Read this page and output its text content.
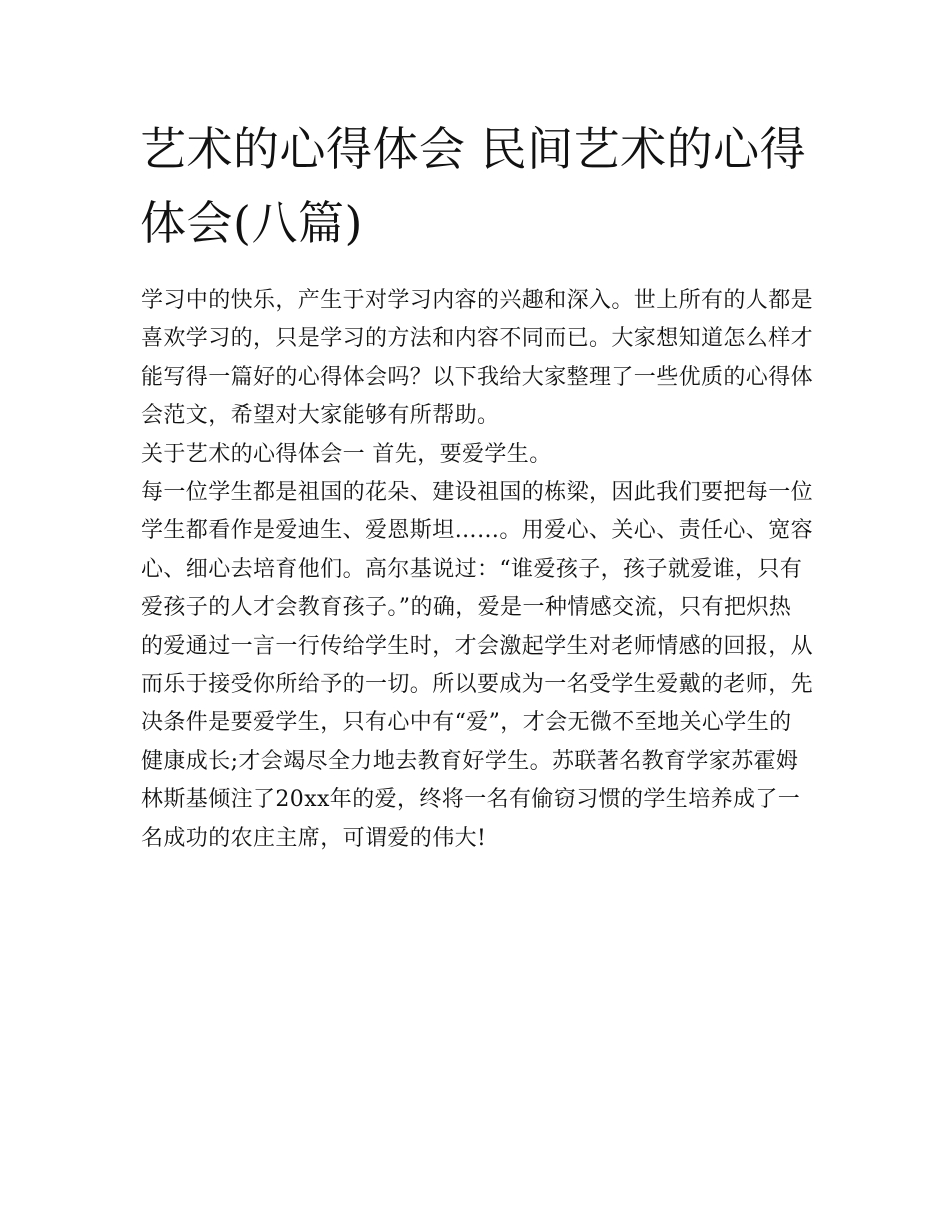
艺术的心得体会 民间艺术的心得体会(八篇)

学习中的快乐，产生于对学习内容的兴趣和深入。世上所有的人都是喜欢学习的，只是学习的方法和内容不同而已。大家想知道怎么样才能写得一篇好的心得体会吗？以下我给大家整理了一些优质的心得体会范文，希望对大家能够有所帮助。

关于艺术的心得体会一 首先，要爱学生。

每一位学生都是祖国的花朵、建设祖国的栋梁，因此我们要把每一位学生都看作是爱迪生、爱恩斯坦……。用爱心、关心、责任心、宽容心、细心去培育他们。高尔基说过：“谁爱孩子，孩子就爱谁，只有爱孩子的人才会教育孩子。”的确，爱是一种情感交流，只有把炽热的爱通过一言一行传给学生时，才会激起学生对老师情感的回报，从而乐于接受你所给予的一切。所以要成为一名受学生爱戴的老师，先决条件是要爱学生，只有心中有“爱”，才会无微不至地关心学生的健康成长;才会竭尽全力地去教育好学生。苏联著名教育学家苏霍姆林斯基倾注了20xx年的爱，终将一名有偷窃习惯的学生培养成了一名成功的农庄主席，可谓爱的伟大!
